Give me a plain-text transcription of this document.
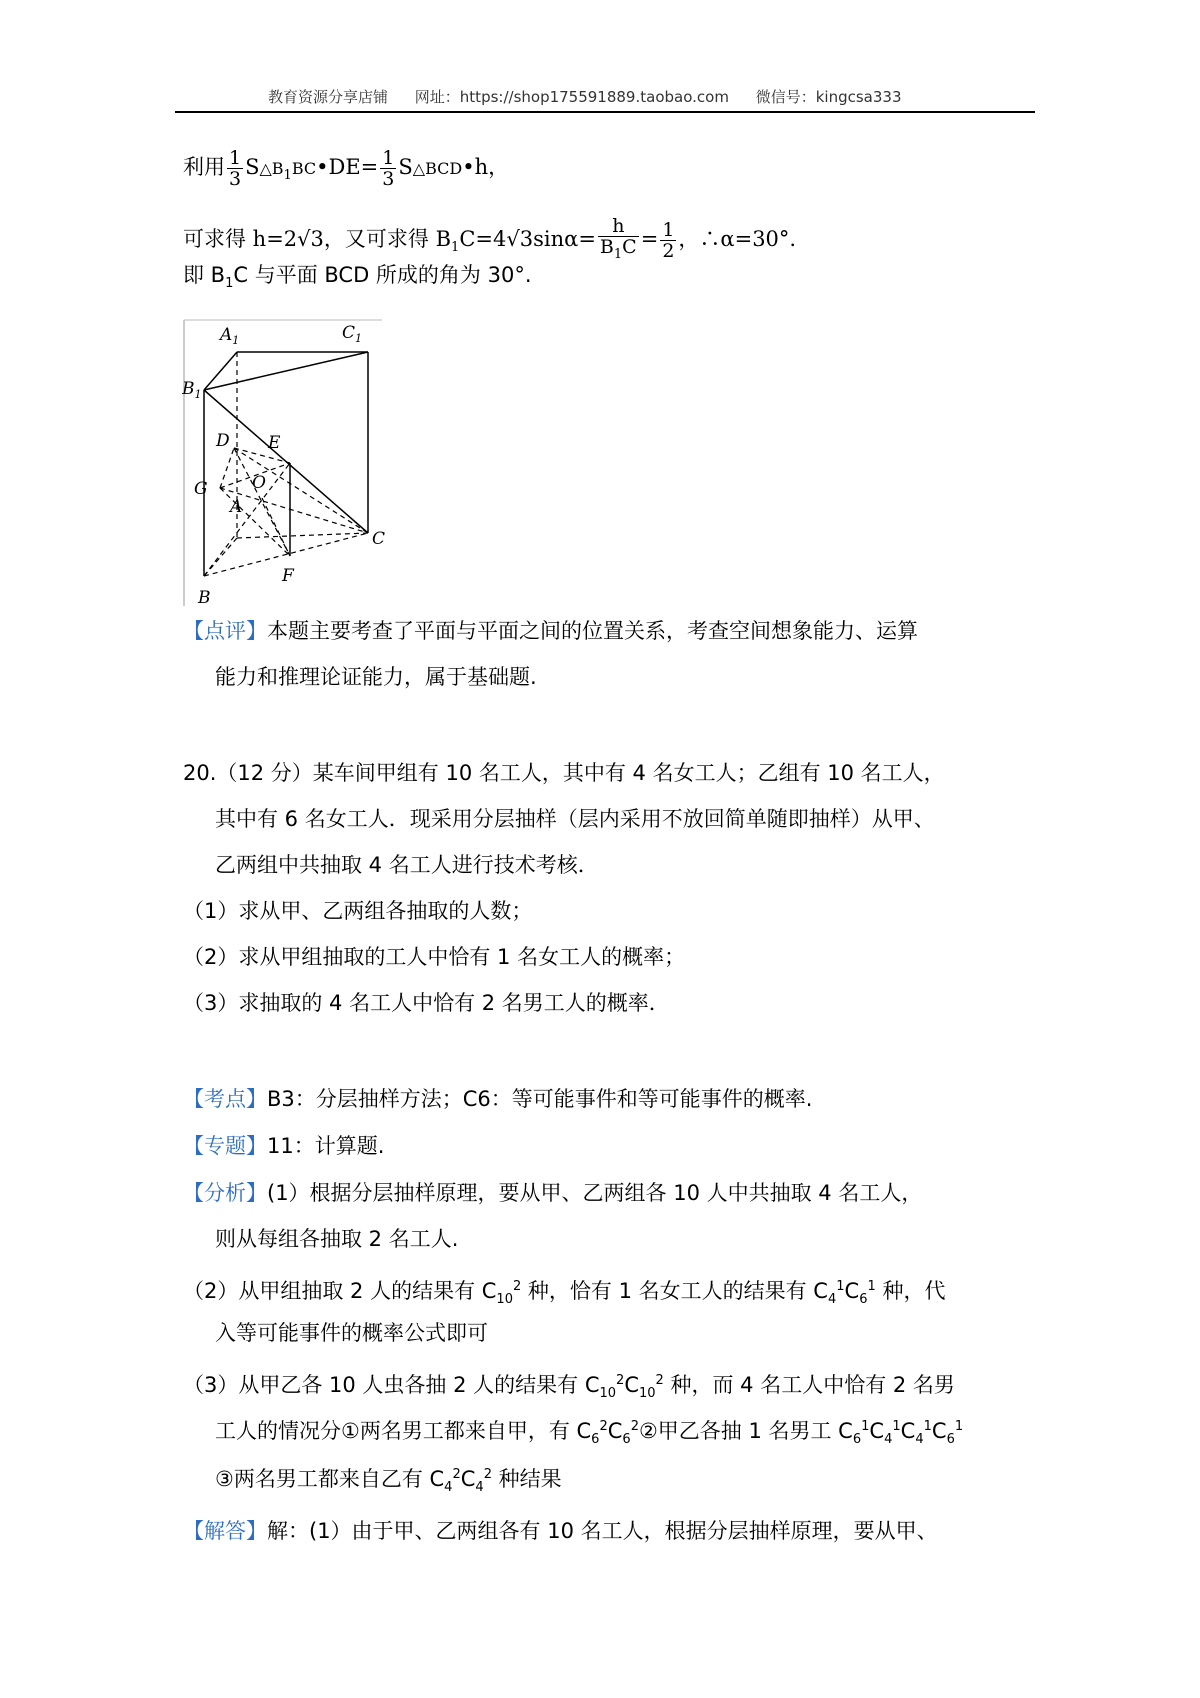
教育资源分享店铺 网址：https://shop175591889.taobao.com 微信号：kingcsa333
利用 $\frac{1}{3}$ $S\triangle B_1BC•DE= \frac{1}{3}$ S△BCD•h，
可求得 h=2√3，又可求得 $B_1C=4√3\sin\alpha= \frac{h}{B_1C} = \frac{1}{2}$ ，∴α=30°.
即 $B_1C$ 与平面 BCD 所成的角为 30°.
$A_1$	$C_1$
$B_1$
D E
G	O
A
C
F
B
【点评】本题主要考查了平面与平面之间的位置关系，考查空间想象能力、运算
能力和推理论证能力，属于基础题.
20.（12 分）某车间甲组有 10 名工人，其中有 4 名女工人；乙组有 10 名工人，
其中有 6 名女工人．现采用分层抽样（层内采用不放回简单随即抽样）从甲、
乙两组中共抽取 4 名工人进行技术考核．
（1）求从甲、乙两组各抽取的人数；
（2）求从甲组抽取的工人中恰有 1 名女工人的概率；
（3）求抽取的 4 名工人中恰有 2 名男工人的概率．
【考点】B3：分层抽样方法；C6：等可能事件和等可能事件的概率.
【专题】11：计算题.
【分析】(1）根据分层抽样原理，要从甲、乙两组各 10 人中共抽取 4 名工人，
则从每组各抽取 2 名工人.
（2）从甲组抽取 2 人的结果有 $C_{10}^2$ 种，恰有 1 名女工人的结果有 $C_4^1C_6^1$ 种，代
入等可能事件的概率公式即可
（3）从甲乙各 10 人虫各抽 2 人的结果有 $C_{10}^2C_{10}^2$ 种，而 4 名工人中恰有 2 名男
工人的情况分①两名男工都来自甲，有 $C_6^2C_6^2②$甲乙各抽 1 名男工 $C_6^1C_4^1C_4^1C_6^1$
③两名男工都来自乙有 $C_4^2C_4^2$ 种结果
【解答】解：(1）由于甲、乙两组各有 10 名工人，根据分层抽样原理，要从甲、
